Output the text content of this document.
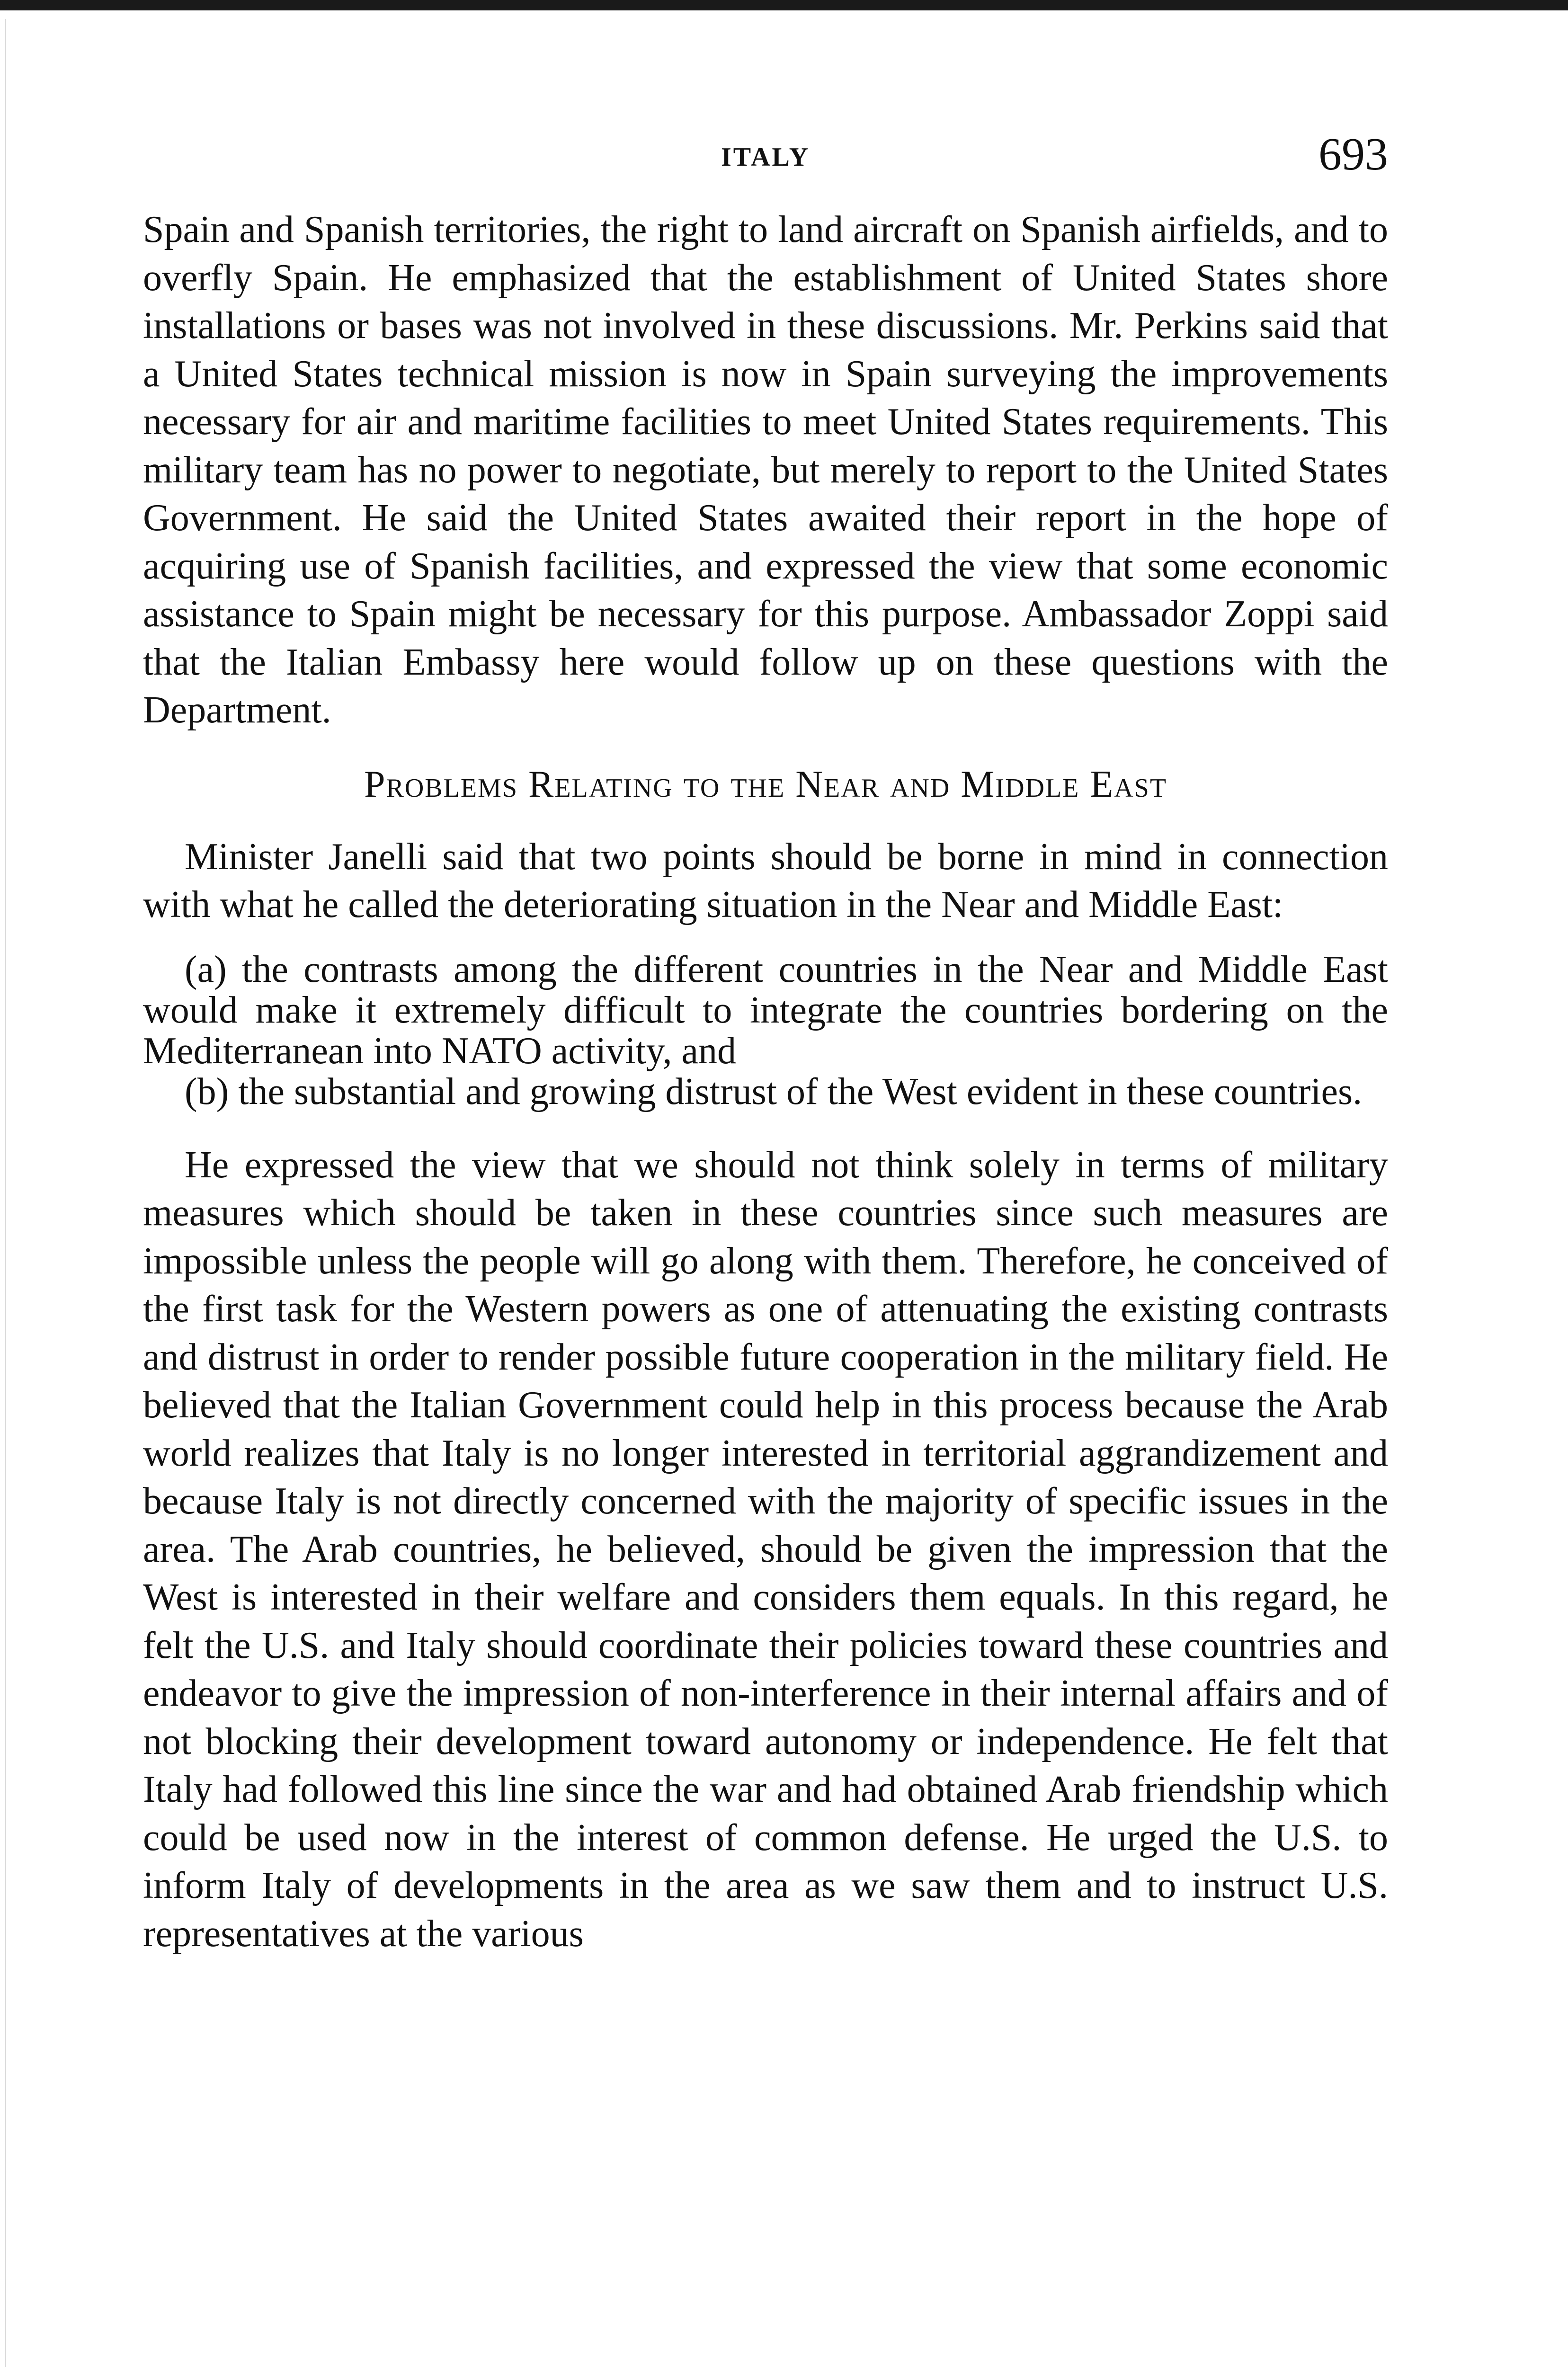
ITALY	693

Spain and Spanish territories, the right to land aircraft on Spanish airfields, and to overfly Spain. He emphasized that the establishment of United States shore installations or bases was not involved in these discussions. Mr. Perkins said that a United States technical mission is now in Spain surveying the improvements necessary for air and maritime facilities to meet United States requirements. This military team has no power to negotiate, but merely to report to the United States Government. He said the United States awaited their report in the hope of acquiring use of Spanish facilities, and expressed the view that some economic assistance to Spain might be necessary for this purpose. Ambassador Zoppi said that the Italian Embassy here would follow up on these questions with the Department.

Problems Relating to the Near and Middle East

Minister Janelli said that two points should be borne in mind in connection with what he called the deteriorating situation in the Near and Middle East:

(a) the contrasts among the different countries in the Near and Middle East would make it extremely difficult to integrate the countries bordering on the Mediterranean into NATO activity, and

(b) the substantial and growing distrust of the West evident in these countries.

He expressed the view that we should not think solely in terms of military measures which should be taken in these countries since such measures are impossible unless the people will go along with them. Therefore, he conceived of the first task for the Western powers as one of attenuating the existing contrasts and distrust in order to render possible future cooperation in the military field. He believed that the Italian Government could help in this process because the Arab world realizes that Italy is no longer interested in territorial aggrandizement and because Italy is not directly concerned with the majority of specific issues in the area. The Arab countries, he believed, should be given the impression that the West is interested in their welfare and considers them equals. In this regard, he felt the U.S. and Italy should coordinate their policies toward these countries and endeavor to give the impression of non-interference in their internal affairs and of not blocking their development toward autonomy or independence. He felt that Italy had followed this line since the war and had obtained Arab friendship which could be used now in the interest of common defense. He urged the U.S. to inform Italy of developments in the area as we saw them and to instruct U.S. representatives at the various
